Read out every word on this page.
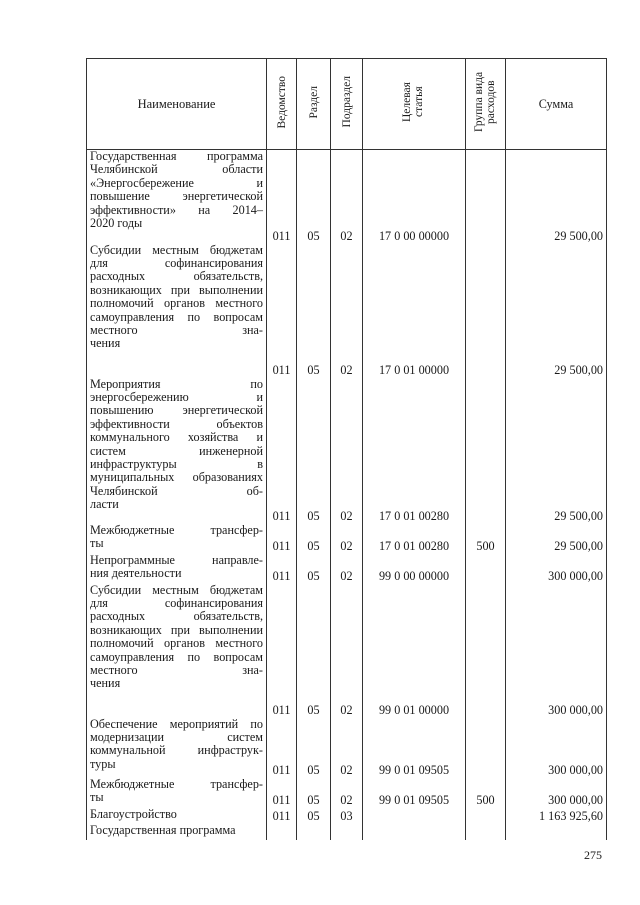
Наименование	Ведомство	Раздел	Подраздел	Целевая статья	Группа вида расходов	Сумма
Государственная программа Челябинской области «Энергосбережение и повышение энергетической эффективности» на 2014–
2020 годы	011	05	02	17 0 00 00000		29 500,00
Субсидии местным бюджетам для софинансирования расходных обязательств, возникающих при выполнении полномочий органов местного самоуправления по вопросам местного зна-
чения	011	05	02	17 0 01 00000		29 500,00
Мероприятия по энергосбережению и повышению энергетической эффективности объектов коммунального хозяйства и систем инженерной инфраструктуры в муниципальных образованиях Челябинской об-
ласти	011	05	02	17 0 01 00280		29 500,00
Межбюджетные трансфер-
ты	011	05	02	17 0 01 00280	500	29 500,00
Непрограммные направле-
ния деятельности	011	05	02	99 0 00 00000		300 000,00
Субсидии местным бюджетам для софинансирования расходных обязательств, возникающих при выполнении полномочий органов местного самоуправления по вопросам местного зна-
чения	011	05	02	99 0 01 00000		300 000,00
Обеспечение мероприятий по модернизации систем коммунальной инфраструк-
туры	011	05	02	99 0 01 09505		300 000,00
Межбюджетные трансфер-
ты	011	05	02	99 0 01 09505	500	300 000,00

Благоустройство	011	05	03			1 163 925,60

Государственная программа						

275
